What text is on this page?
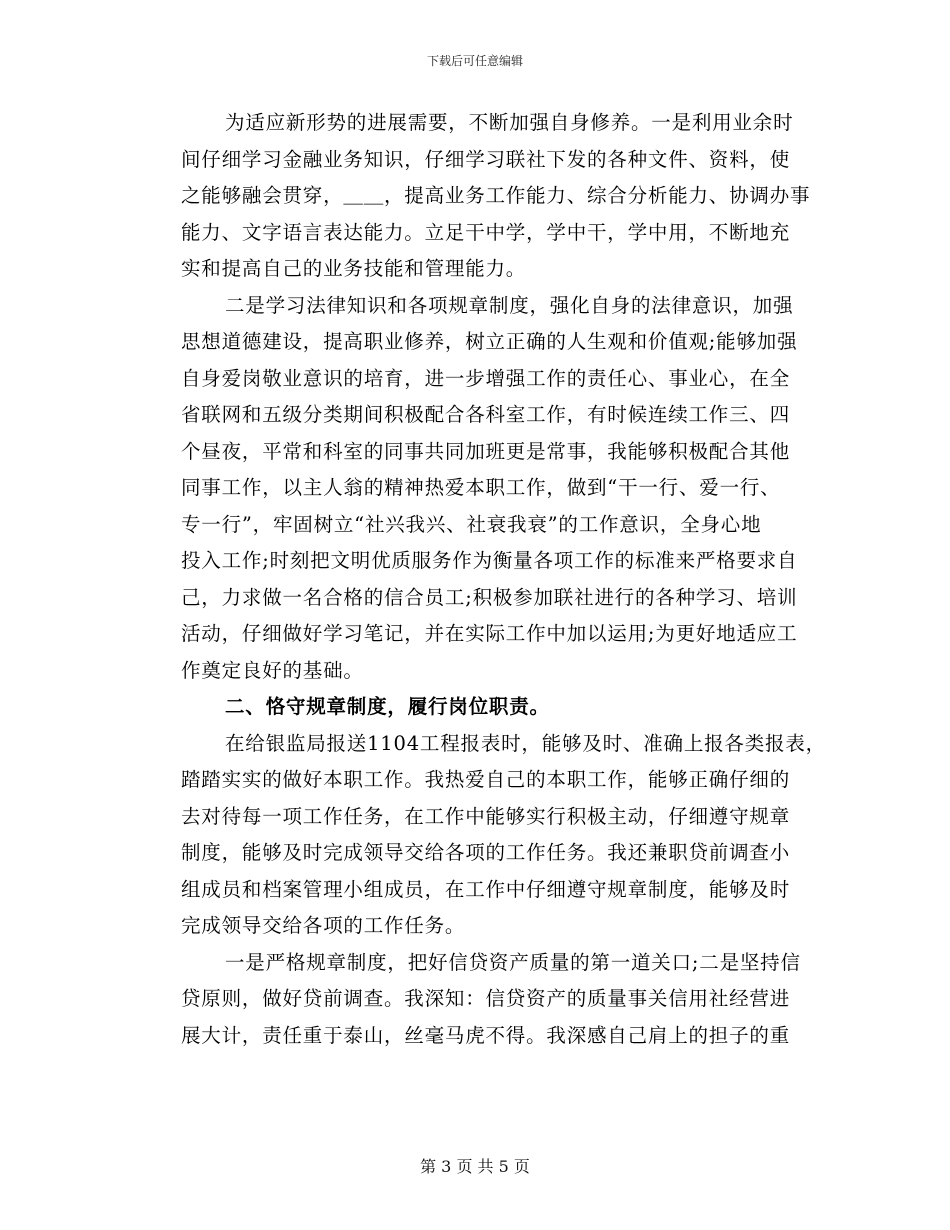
下载后可任意编辑

为适应新形势的进展需要，不断加强自身修养。一是利用业余时
间仔细学习金融业务知识，仔细学习联社下发的各种文件、资料，使
之能够融会贯穿，＿＿，提高业务工作能力、综合分析能力、协调办事
能力、文字语言表达能力。立足干中学，学中干，学中用，不断地充
实和提高自己的业务技能和管理能力。

二是学习法律知识和各项规章制度，强化自身的法律意识，加强
思想道德建设，提高职业修养，树立正确的人生观和价值观;能够加强
自身爱岗敬业意识的培育，进一步增强工作的责任心、事业心，在全
省联网和五级分类期间积极配合各科室工作，有时候连续工作三、四
个昼夜，平常和科室的同事共同加班更是常事，我能够积极配合其他
同事工作，以主人翁的精神热爱本职工作，做到“干一行、爱一行、
专一行”，牢固树立“社兴我兴、社衰我衰”的工作意识，全身心地
投入工作;时刻把文明优质服务作为衡量各项工作的标准来严格要求自
己，力求做一名合格的信合员工;积极参加联社进行的各种学习、培训
活动，仔细做好学习笔记，并在实际工作中加以运用;为更好地适应工
作奠定良好的基础。

二、恪守规章制度，履行岗位职责。

在给银监局报送1104工程报表时，能够及时、准确上报各类报表，
踏踏实实的做好本职工作。我热爱自己的本职工作，能够正确仔细的
去对待每一项工作任务，在工作中能够实行积极主动，仔细遵守规章
制度，能够及时完成领导交给各项的工作任务。我还兼职贷前调查小
组成员和档案管理小组成员，在工作中仔细遵守规章制度，能够及时
完成领导交给各项的工作任务。

一是严格规章制度，把好信贷资产质量的第一道关口;二是坚持信
贷原则，做好贷前调查。我深知：信贷资产的质量事关信用社经营进
展大计，责任重于泰山，丝毫马虎不得。我深感自己肩上的担子的重

第 3 页 共 5 页
